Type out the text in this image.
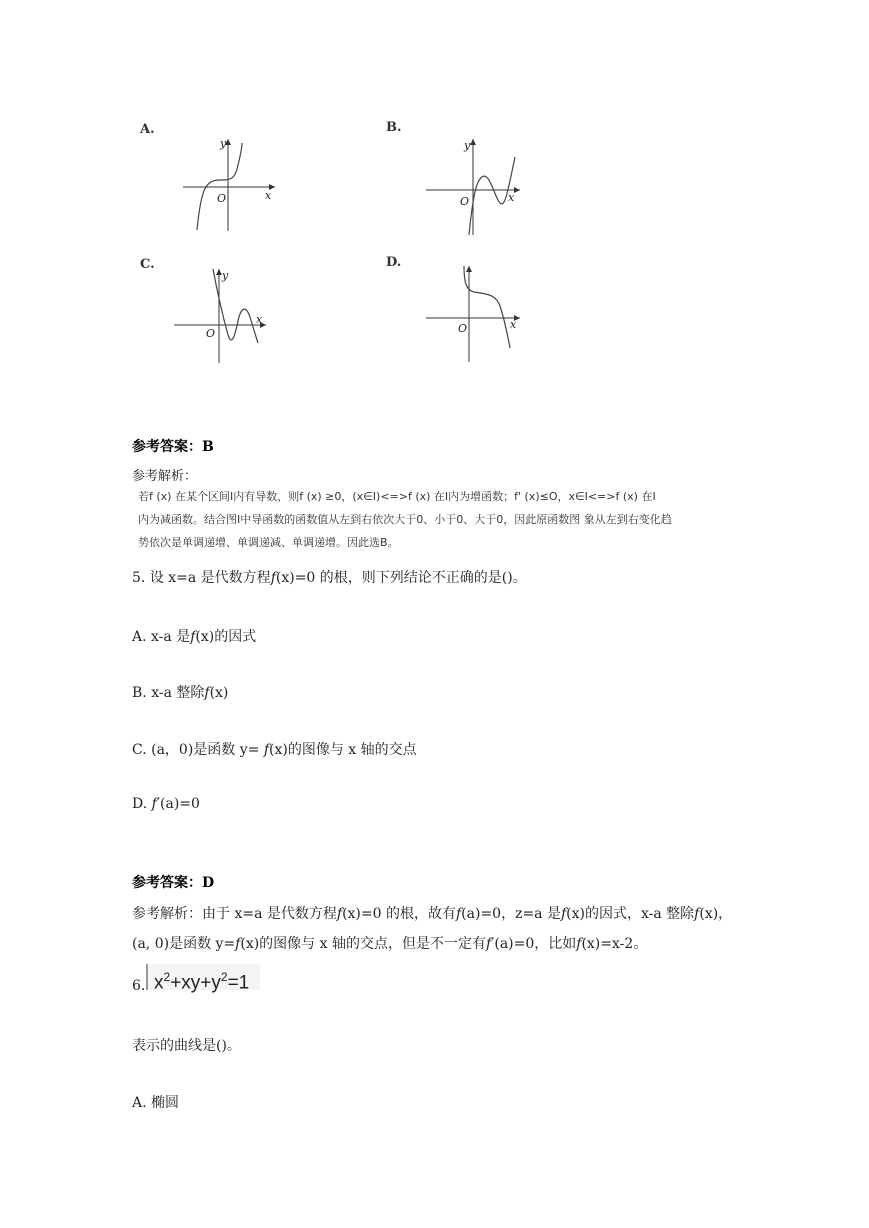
A.
y
O	x
B.
y
O	x
C.
y
O
x
D.
O	x
参考答案：B
参考解析：
若f (x) 在某个区间I内有导数，则f (x) ≥0，(x∈I)<=>f (x) 在I内为增函数；f' (x)≤O，x∈I<=>f (x) 在I
内为减函数。结合图I中导函数的函数值从左到右依次大于0、小于0、大于0，因此原函数图 象从左到右变化趋
势依次是单调递增、单调递减、单调递增。因此选B。
5. 设 x=a 是代数方程f(x)=0 的根，则下列结论不正确的是()。
A. x-a 是f(x)的因式
B. x-a 整除f(x)
C. (a，0)是函数 y= f(x)的图像与 x 轴的交点
D. f′(a)=0
参考答案：D
参考解析：由于 x=a 是代数方程f(x)=0 的根，故有f(a)=0，z=a 是f(x)的因式，x-a 整除f(x)，
(a, 0)是函数 y=f(x)的图像与 x 轴的交点，但是不一定有f′(a)=0，比如f(x)=x-2。
6. $x^2+xy+y^2=1$
表示的曲线是()。
A. 椭圆
